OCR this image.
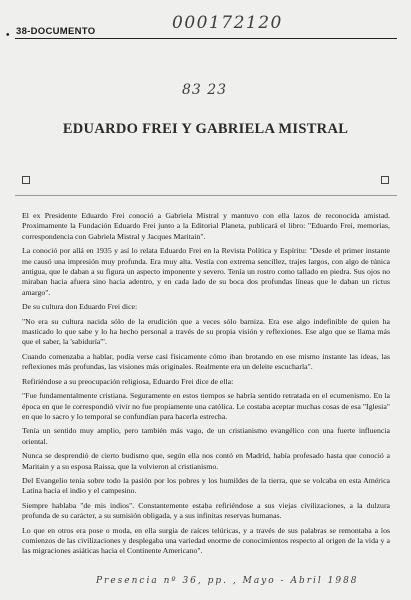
000172120
• 38-DOCUMENTO
83 23
EDUARDO FREI Y GABRIELA MISTRAL

El ex Presidente Eduardo Frei conoció a Gabriela Mistral y mantuvo con ella lazos de reconocida amistad. Proximamente la Fundación Eduardo Frei junto a la Editorial Planeta, publicará el libro: "Eduardo Frei, memorias, correspondencia con Gabriela Mistral y Jacques Maritain".

La conoció por allá en 1935 y así lo relata Eduardo Frei en la Revista Política y Espíritu: "Desde el primer instante me causó una impresión muy profunda. Era muy alta. Vestía con extrema sencillez, trajes largos, con algo de túnica antigua, que le daban a su figura un aspecto imponente y severo. Tenía un rostro como tallado en piedra. Sus ojos no miraban hacia afuera sino hacia adentro, y en cada lado de su boca dos profundas líneas que le daban un rictus amargo".

De su cultura don Eduardo Frei dice:

"No era su cultura nacida sólo de la erudición que a veces sólo barniza. Era ese algo indefinible de quien ha masticado lo que sabe y lo ha hecho personal a través de su propia visión y reflexiones. Ese algo que se llama más que el saber, la 'sabiduría'".

Cuando comenzaba a hablar, podía verse casi físicamente cómo iban brotando en ese mismo instante las ideas, las reflexiones más profundas, las visiones más originales. Realmente era un deleite escucharla".

Refiriéndose a su preocupación religiosa, Eduardo Frei dice de ella:

"Fue fundamentalmente cristiana. Seguramente en estos tiempos se habría sentido retratada en el ecumenismo. En la época en que le correspondió vivir no fue propiamente una católica. Le costaba aceptar muchas cosas de esa "Iglesia" en que lo sacro y lo temporal se confundían para hacerla estrecha.

Tenía un sentido muy amplio, pero también más vago, de un cristianismo evangélico con una fuerte influencia oriental.

Nunca se desprendió de cierto budismo que, según ella nos contó en Madrid, había profesado hasta que conoció a Maritain y a su esposa Raissa, que la volvieron al cristianismo.

Del Evangelio tenía sobre todo la pasión por los pobres y los humildes de la tierra, que se volcaba en esta América Latina hacia el indio y el campesino.

Siempre hablaba "de mis indios". Constantemente estaba refiriéndose a sus viejas civilizaciones, a la dulzura profunda de su carácter, a su sumisión obligada, y a sus infinitas reservas humanas.

Lo que en otros era pose o moda, en ella surgía de raíces telúricas, y a través de sus palabras se remontaba a los comienzos de las civilizaciones y desplegaba una variedad enorme de conocimientos respecto al origen de la vida y a las migraciones asiáticas hacia el Continente Americano".

Presencia nº 36, pp. , Mayo - Abril 1988
